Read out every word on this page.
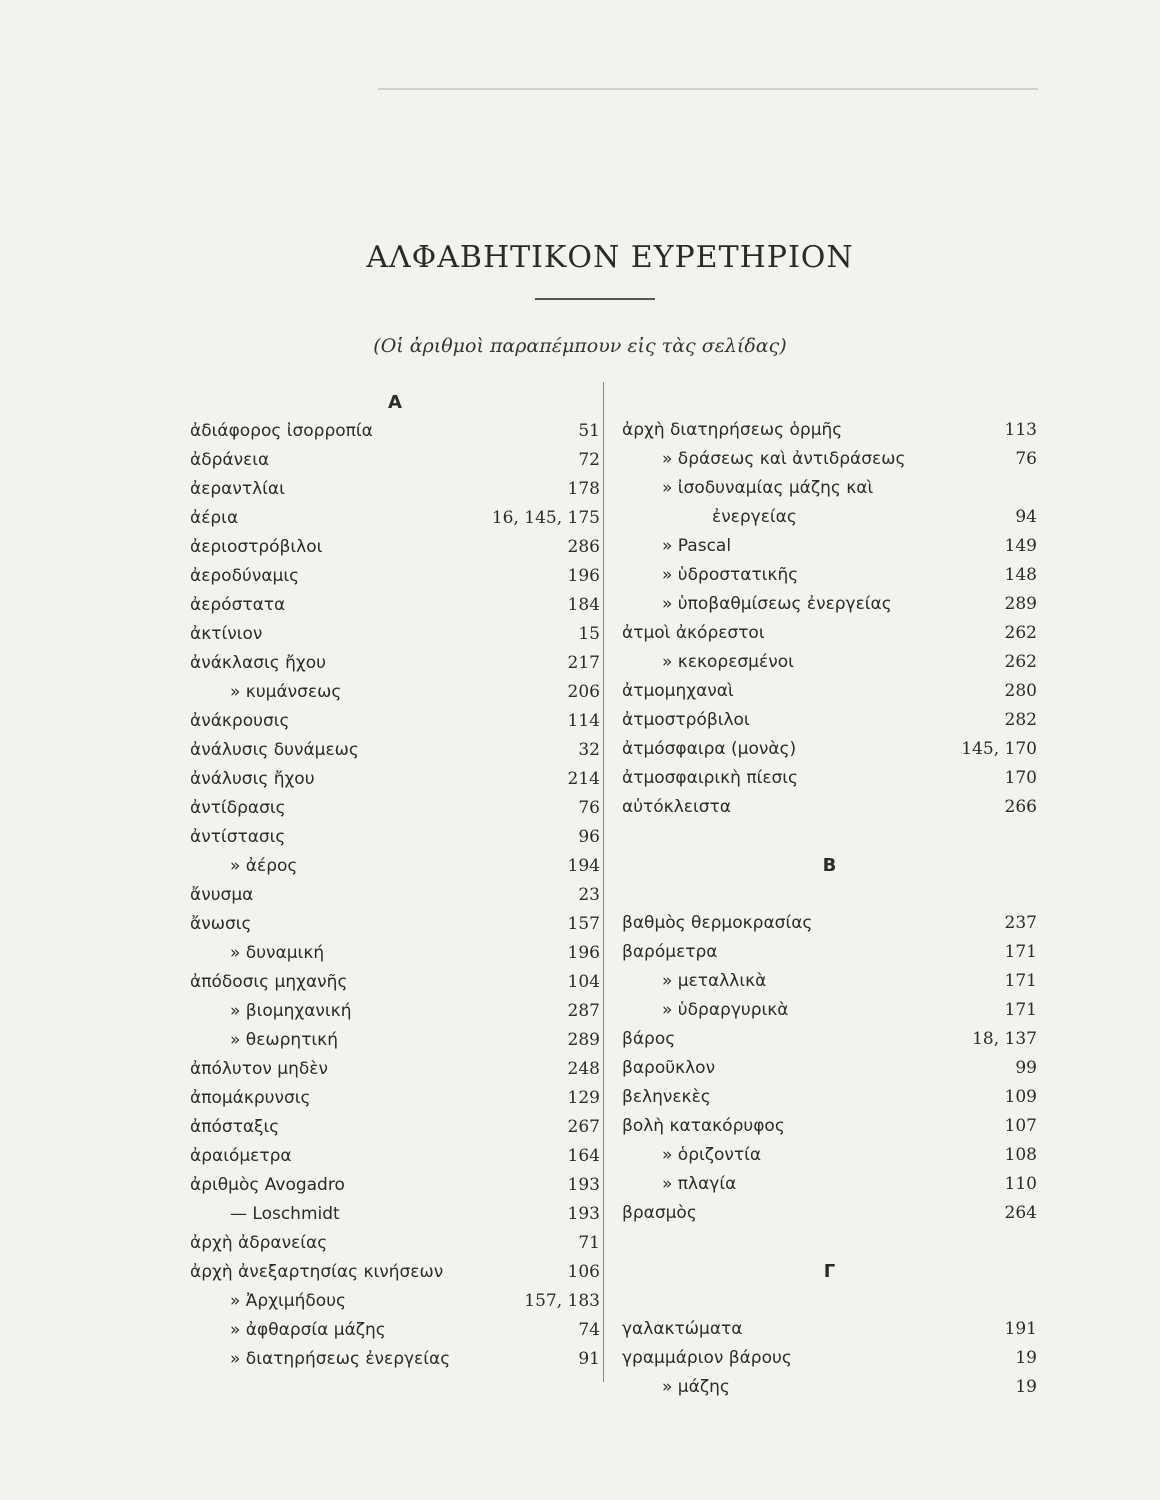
ΑΛΦΑΒΗΤΙΚΟΝ ΕΥΡΕΤΗΡΙΟΝ
(Οἱ ἀριθμοὶ παραπέμπουν εἰς τὰς σελίδας)
A
ἀδιάφορος ἰσορροπία	51
ἀδράνεια	72
ἀεραντλίαι	178
ἀέρια	16, 145, 175
ἀεριοστρόβιλοι	286
ἀεροδύναμις	196
ἀερόστατα	184
ἀκτίνιον	15
ἀνάκλασις ἤχου	217
» κυμάνσεως	206
ἀνάκρουσις	114
ἀνάλυσις δυνάμεως	32
ἀνάλυσις ἤχου	214
ἀντίδρασις	76
ἀντίστασις	96
» ἀέρος	194
ἄνυσμα	23
ἄνωσις	157
» δυναμική	196
ἀπόδοσις μηχανῆς	104
» βιομηχανική	287
» θεωρητική	289
ἀπόλυτον μηδὲν	248
ἀπομάκρυνσις	129
ἀπόσταξις	267
ἀραιόμετρα	164
ἀριθμὸς Avogadro	193
— Loschmidt	193
ἀρχὴ ἀδρανείας	71
ἀρχὴ ἀνεξαρτησίας κινήσεων	106
» Ἀρχιμήδους	157, 183
» ἀφθαρσία μάζης	74
» διατηρήσεως ἐνεργείας	91
ἀρχὴ διατηρήσεως ὁρμῆς	113
» δράσεως καὶ ἀντιδράσεως	76
» ἰσοδυναμίας μάζης καὶ
ἐνεργείας	94
» Pascal	149
» ὑδροστατικῆς	148
» ὑποβαθμίσεως ἐνεργείας	289
ἀτμοὶ ἀκόρεστοι	262
» κεκορεσμένοι	262
ἀτμομηχαναὶ	280
ἀτμοστρόβιλοι	282
ἀτμόσφαιρα (μονὰς)	145, 170
ἀτμοσφαιρικὴ πίεσις	170
αὐτόκλειστα	266
B
βαθμὸς θερμοκρασίας	237
βαρόμετρα	171
» μεταλλικὰ	171
» ὑδραργυρικὰ	171
βάρος	18, 137
βαροῦκλον	99
βεληνεκὲς	109
βολὴ κατακόρυφος	107
» ὁριζοντία	108
» πλαγία	110
βρασμὸς	264
Γ
γαλακτώματα	191
γραμμάριον βάρους	19
» μάζης	19
